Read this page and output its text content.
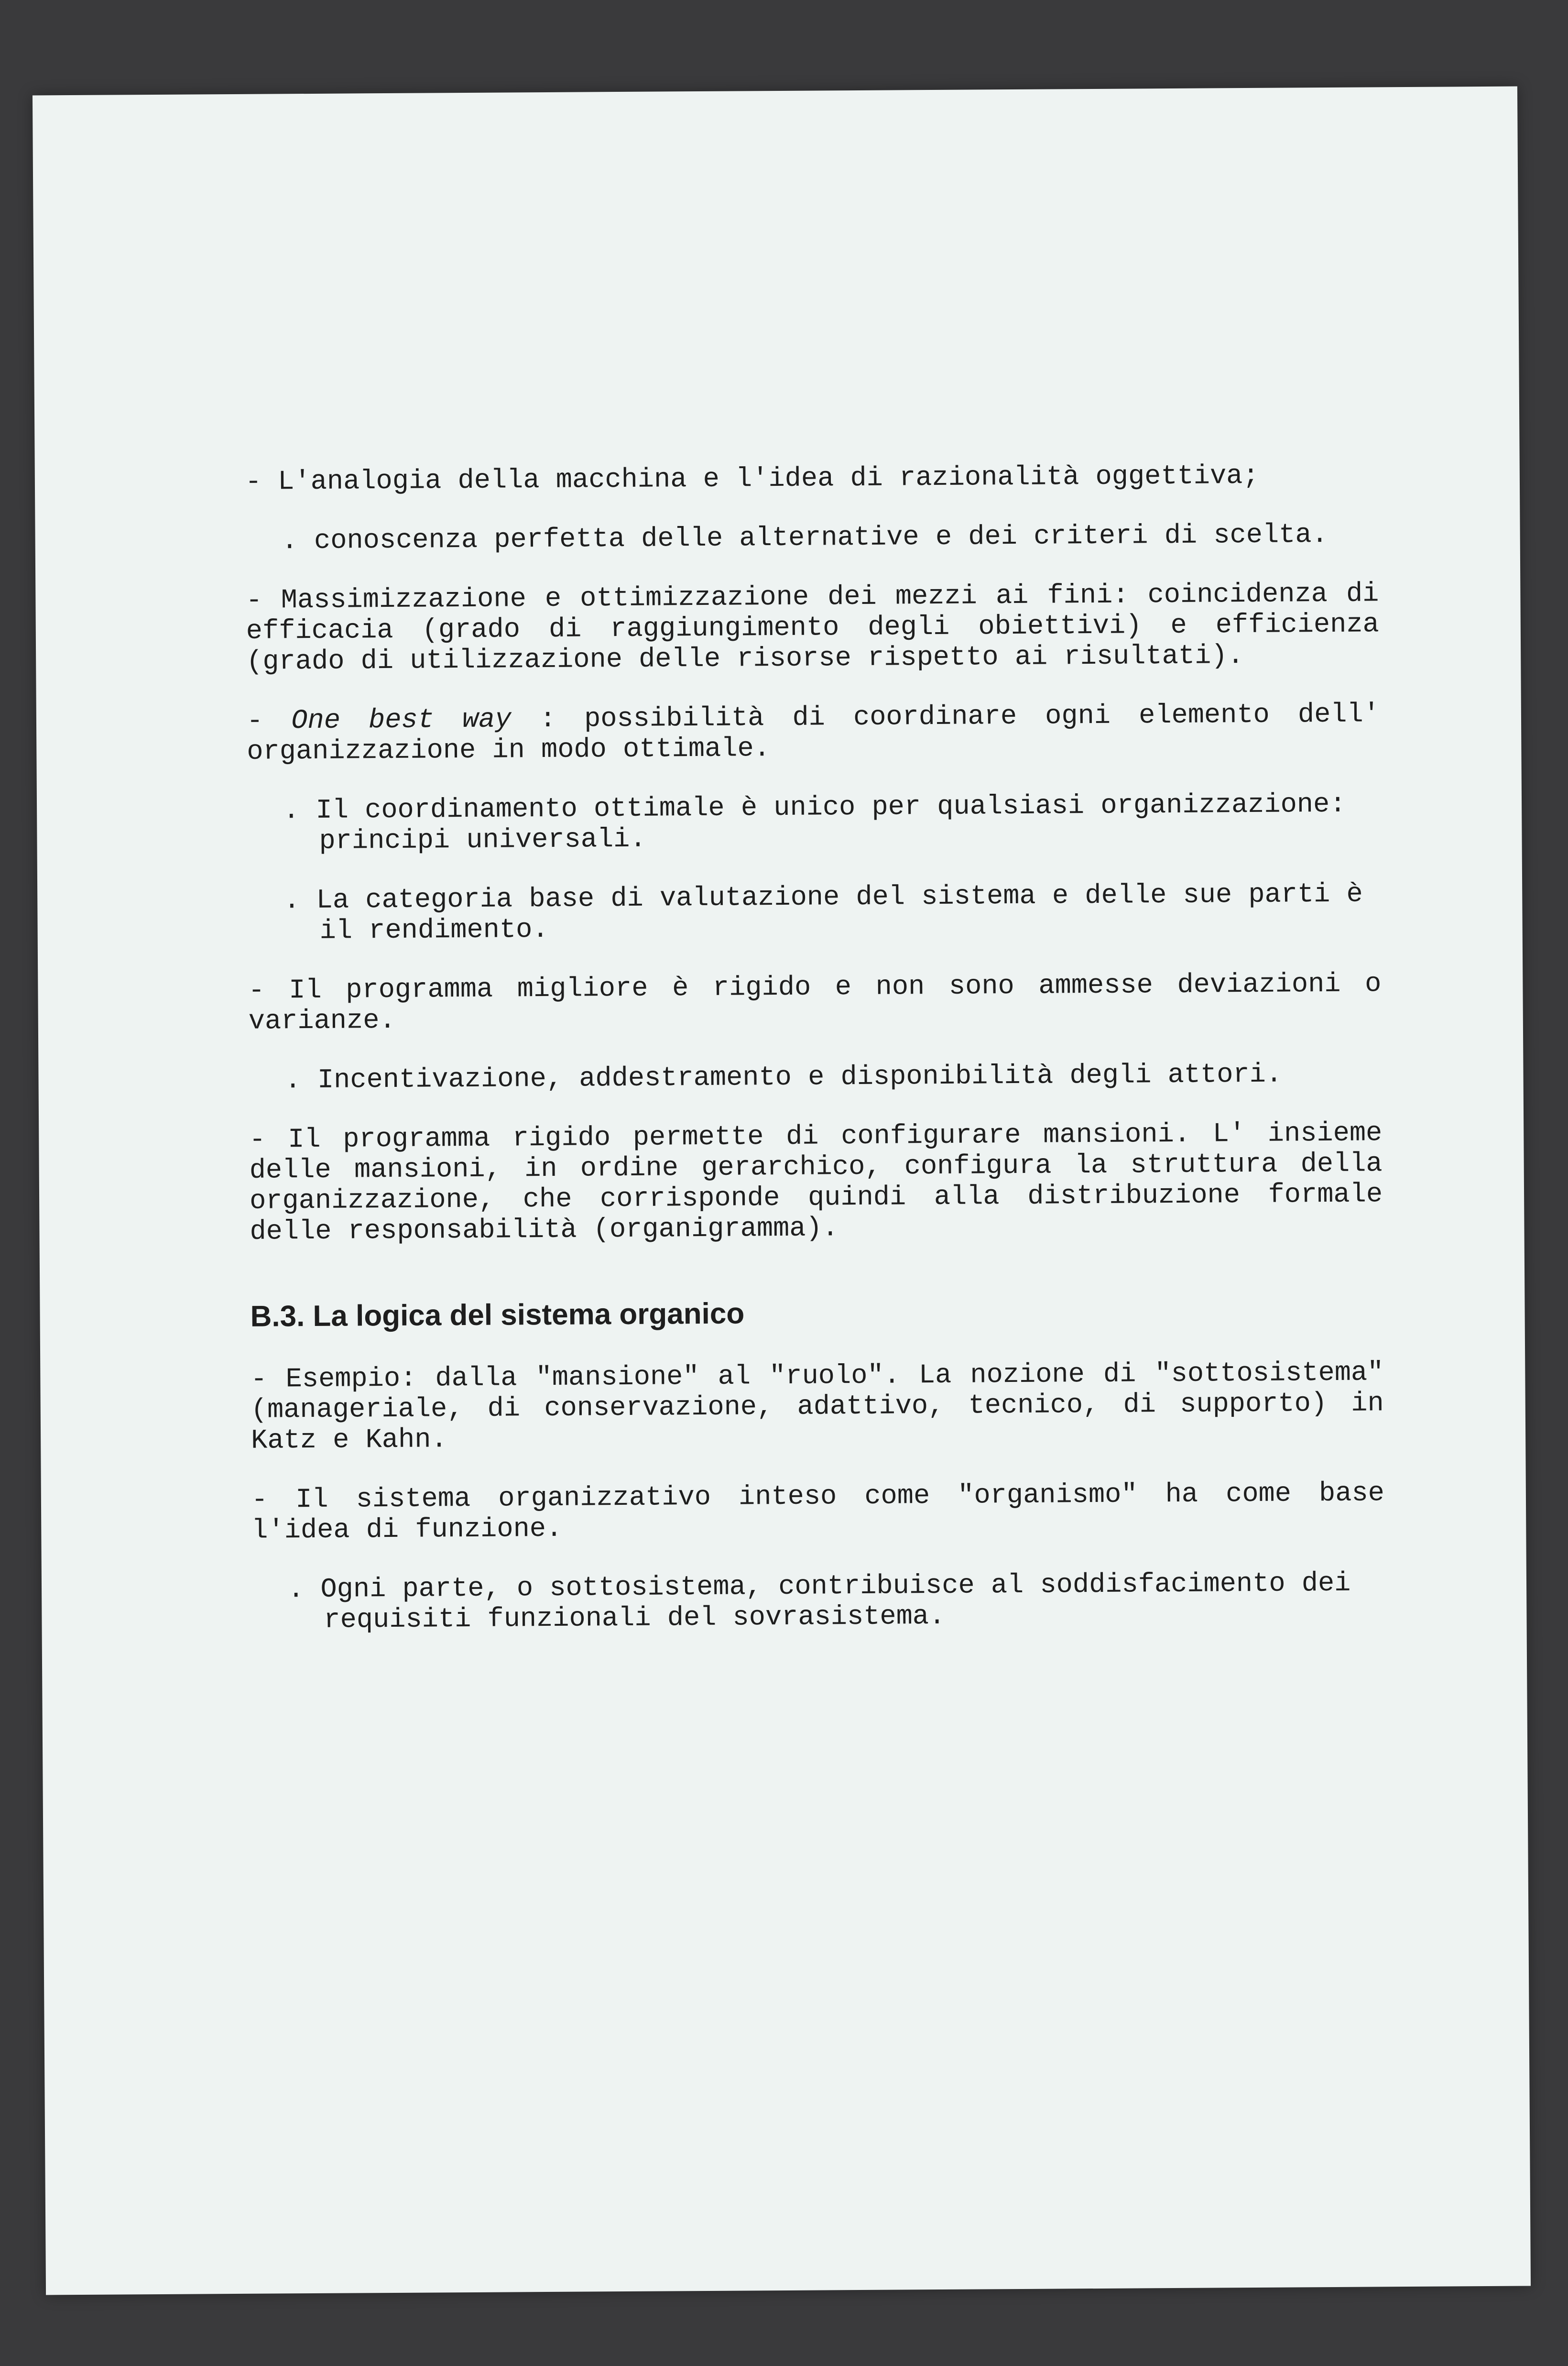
- L'analogia della macchina e l'idea di razionalità oggettiva;

. conoscenza perfetta delle alternative e dei criteri di scelta.

- Massimizzazione e ottimizzazione dei mezzi ai fini: coincidenza di efficacia (grado di raggiungimento degli obiettivi) e efficienza (grado di utilizzazione delle risorse rispetto ai risultati).

- One best way : possibilità di coordinare ogni elemento dell' organizzazione in modo ottimale.

. Il coordinamento ottimale è unico per qualsiasi organizzazione: principi universali.

. La categoria base di valutazione del sistema e delle sue parti è il rendimento.

- Il programma migliore è rigido e non sono ammesse deviazioni o varianze.

. Incentivazione, addestramento e disponibilità degli attori.

- Il programma rigido permette di configurare mansioni. L' insieme delle mansioni, in ordine gerarchico, configura la struttura della organizzazione, che corrisponde quindi alla distribuzione formale delle responsabilità (organigramma).

B.3. La logica del sistema organico

- Esempio: dalla "mansione" al "ruolo". La nozione di "sottosistema" (manageriale, di conservazione, adattivo, tecnico, di supporto) in Katz e Kahn.

- Il sistema organizzativo inteso come "organismo" ha come base l'idea di funzione.

. Ogni parte, o sottosistema, contribuisce al soddisfacimento dei requisiti funzionali del sovrasistema.
